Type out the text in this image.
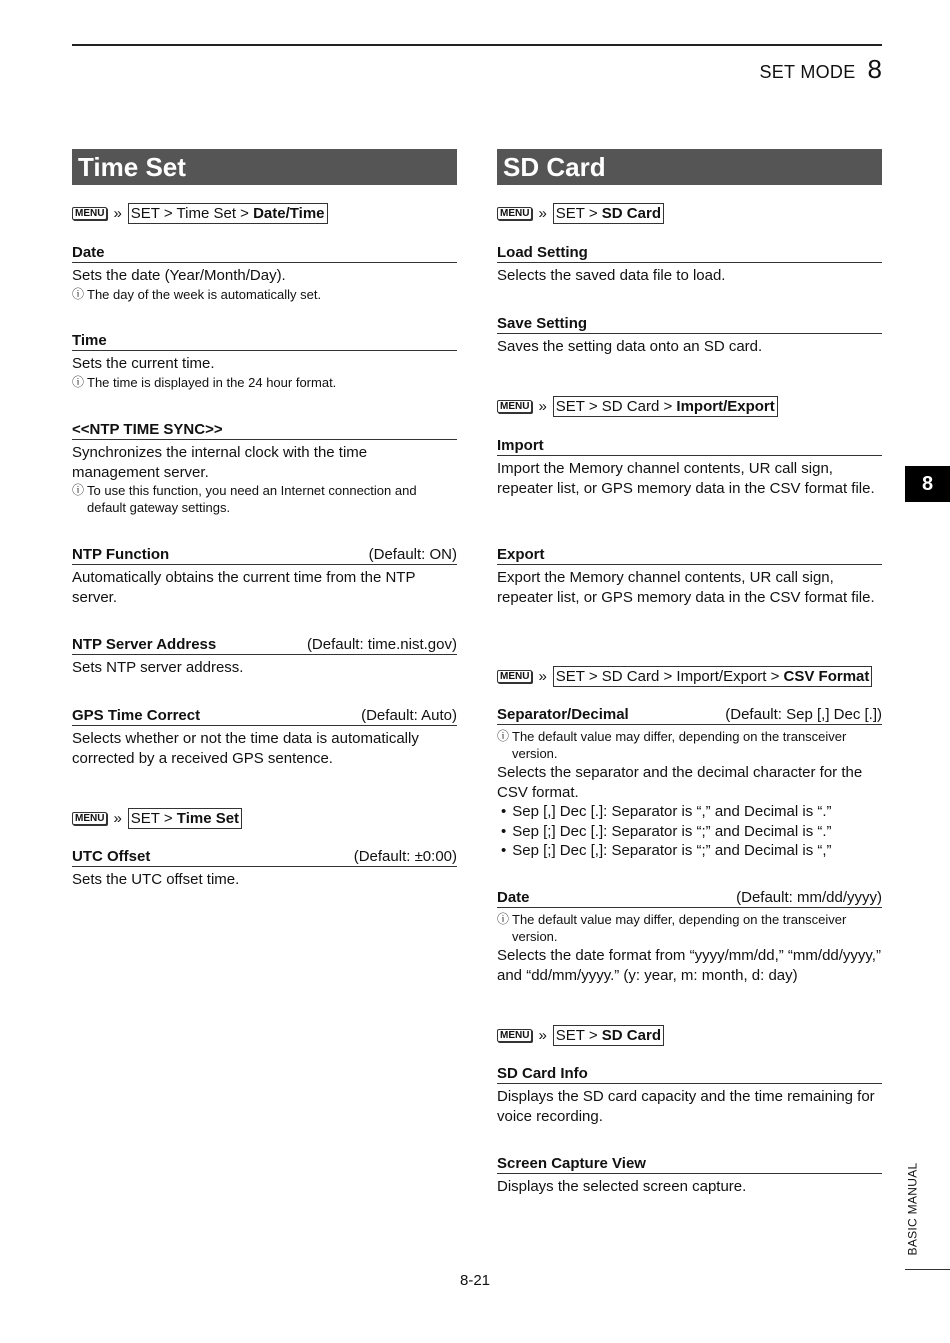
SET MODE 8
Time Set
MENU » SET > Time Set > Date/Time
Date
Sets the date (Year/Month/Day).
ⓘ The day of the week is automatically set.
Time
Sets the current time.
ⓘ The time is displayed in the 24 hour format.
<<NTP TIME SYNC>>
Synchronizes the internal clock with the time management server.
ⓘ To use this function, you need an Internet connection and default gateway settings.
NTP Function	(Default: ON)
Automatically obtains the current time from the NTP server.
NTP Server Address	(Default: time.nist.gov)
Sets NTP server address.
GPS Time Correct	(Default: Auto)
Selects whether or not the time data is automatically corrected by a received GPS sentence.
MENU » SET > Time Set
UTC Offset	(Default: ±0:00)
Sets the UTC offset time.
SD Card
MENU » SET > SD Card
Load Setting
Selects the saved data file to load.
Save Setting
Saves the setting data onto an SD card.
MENU » SET > SD Card > Import/Export
Import
Import the Memory channel contents, UR call sign, repeater list, or GPS memory data in the CSV format file.
Export
Export the Memory channel contents, UR call sign, repeater list, or GPS memory data in the CSV format file.
MENU » SET > SD Card > Import/Export > CSV Format
Separator/Decimal	(Default: Sep [,] Dec [.])
ⓘ The default value may differ, depending on the transceiver version.
Selects the separator and the decimal character for the CSV format.
• Sep [,] Dec [.]: Separator is “,” and Decimal is “.”
• Sep [;] Dec [.]: Separator is “;” and Decimal is “.”
• Sep [;] Dec [,]: Separator is “;” and Decimal is “,”
Date	(Default: mm/dd/yyyy)
ⓘ The default value may differ, depending on the transceiver version.
Selects the date format from “yyyy/mm/dd,” “mm/dd/yyyy,” and “dd/mm/yyyy.” (y: year, m: month, d: day)
MENU » SET > SD Card
SD Card Info
Displays the SD card capacity and the time remaining for voice recording.
Screen Capture View
Displays the selected screen capture.
8
BASIC MANUAL
8-21
